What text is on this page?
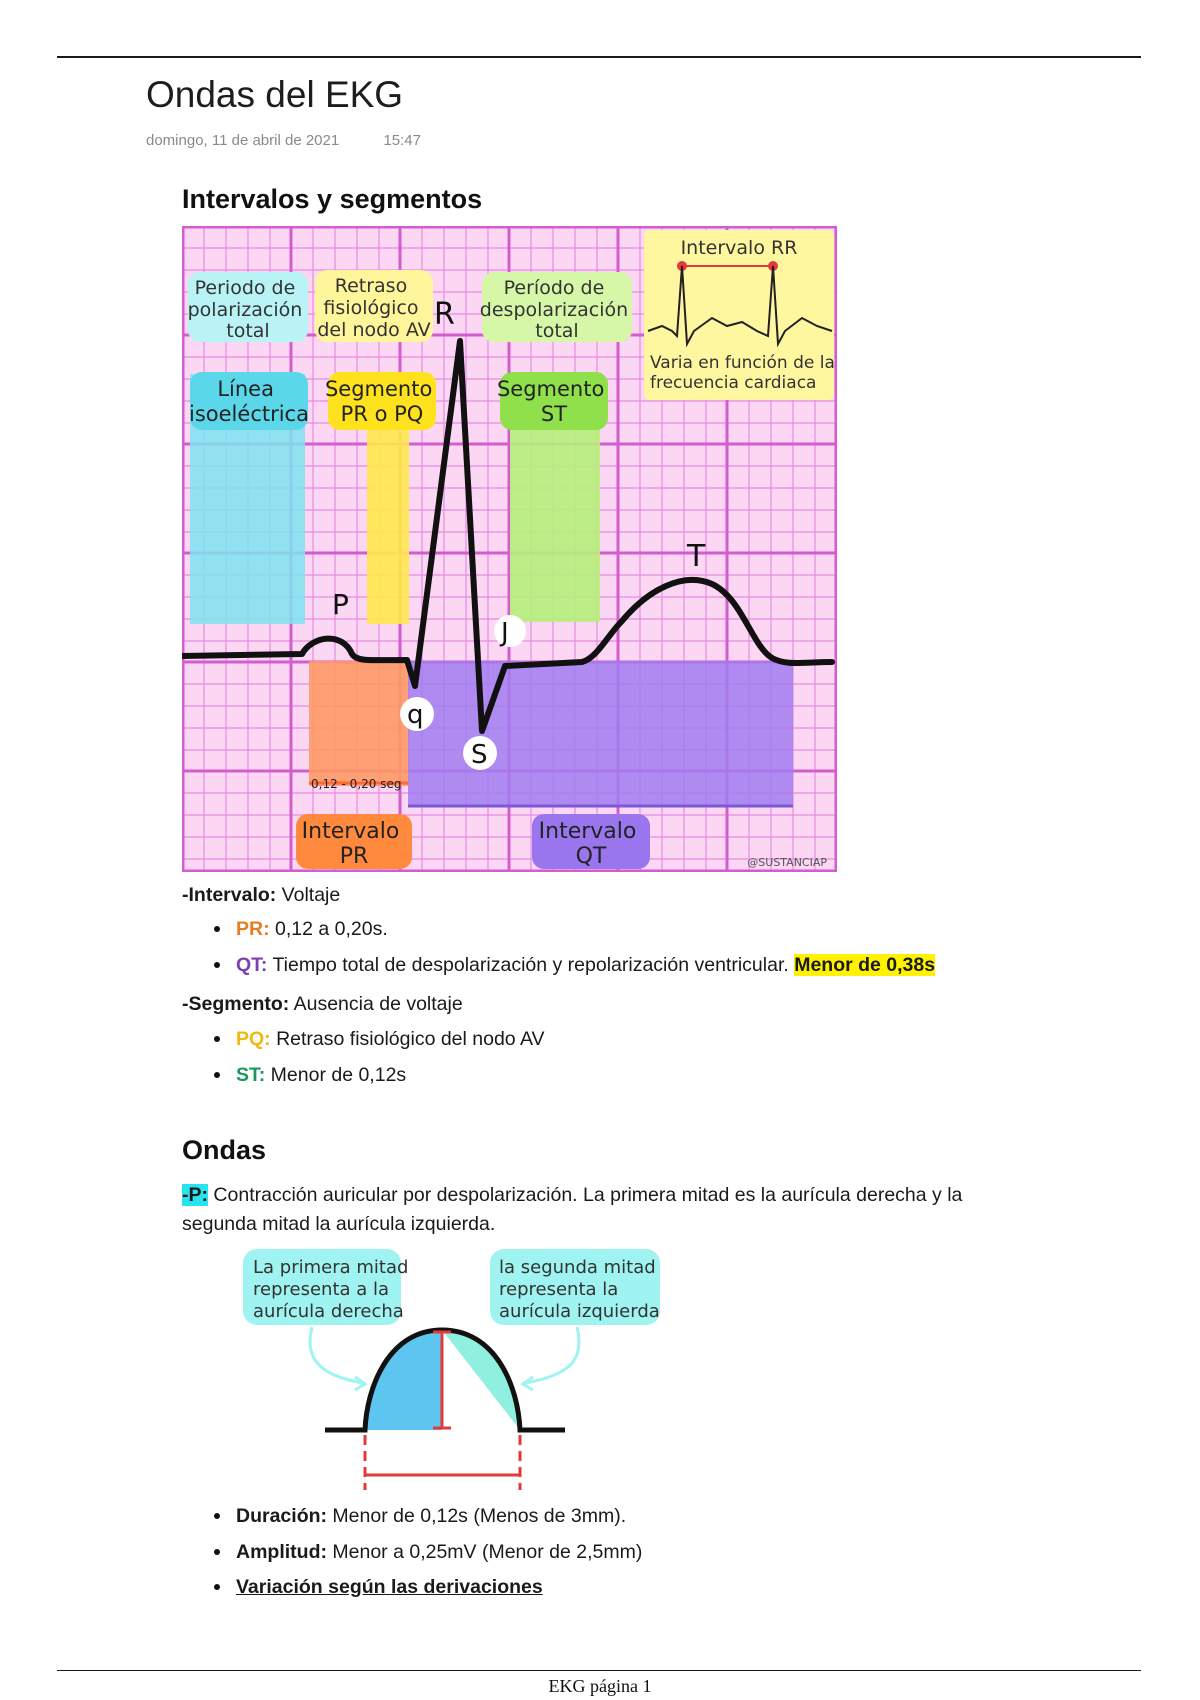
Ondas del EKG
domingo, 11 de abril de 2021	15:47
Intervalos y segmentos
R
P
T
J
q
S
Periodo de polarización total
Retraso fisiológico del nodo AV
Período de despolarización total
Intervalo RR
Varia en función de la frecuencia cardiaca
Línea isoeléctrica
Segmento PR o PQ
Segmento ST
0,12 - 0,20 seg
Intervalo PR
Intervalo QT	@SUSTANCIAP
-Intervalo: Voltaje
PR: 0,12 a 0,20s.
QT: Tiempo total de despolarización y repolarización ventricular. Menor de 0,38s
-Segmento: Ausencia de voltaje
PQ: Retraso fisiológico del nodo AV
ST: Menor de 0,12s
Ondas
-P: Contracción auricular por despolarización. La primera mitad es la aurícula derecha y la
segunda mitad la aurícula izquierda.
La primera mitad representa a la aurícula derecha
la segunda mitad representa la aurícula izquierda
Duración: Menor de 0,12s (Menos de 3mm).
Amplitud: Menor a 0,25mV (Menor de 2,5mm)
Variación según las derivaciones
EKG página 1
